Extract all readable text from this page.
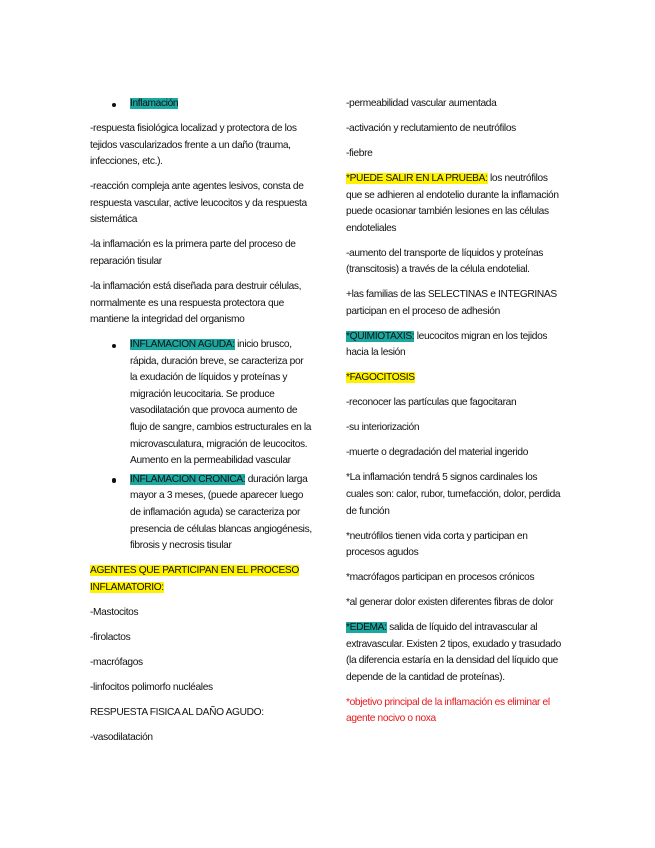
Inflamación

-respuesta fisiológica localizad y protectora de los tejidos vascularizados frente a un daño (trauma, infecciones, etc.).

-reacción compleja ante agentes lesivos, consta de respuesta vascular, active leucocitos y da respuesta sistemática

-la inflamación es la primera parte del proceso de reparación tisular

-la inflamación está diseñada para destruir células, normalmente es una respuesta protectora que mantiene la integridad del organismo

INFLAMACION AGUDA: inicio brusco, rápida, duración breve, se caracteriza por la exudación de líquidos y proteínas y migración leucocitaria. Se produce vasodilatación que provoca aumento de flujo de sangre, cambios estructurales en la microvasculatura, migración de leucocitos. Aumento en la permeabilidad vascular
INFLAMACION CRONICA: duración larga mayor a 3 meses, (puede aparecer luego de inflamación aguda) se caracteriza por presencia de células blancas angiogénesis, fibrosis y necrosis tisular

AGENTES QUE PARTICIPAN EN EL PROCESO INFLAMATORIO:

-Mastocitos

-firolactos

-macrófagos

-linfocitos polimorfo nucléales

RESPUESTA FISICA AL DAÑO AGUDO:

-vasodilatación

-permeabilidad vascular aumentada

-activación y reclutamiento de neutrófilos

-fiebre

*PUEDE SALIR EN LA PRUEBA: los neutrófilos que se adhieren al endotelio durante la inflamación puede ocasionar también lesiones en las células endoteliales

-aumento del transporte de líquidos y proteínas (transcitosis) a través de la célula endotelial.

+las familias de las SELECTINAS e INTEGRINAS participan en el proceso de adhesión

*QUIMIOTAXIS: leucocitos migran en los tejidos hacia la lesión

*FAGOCITOSIS

-reconocer las partículas que fagocitaran

-su interiorización

-muerte o degradación del material ingerido

*La inflamación tendrá 5 signos cardinales los cuales son: calor, rubor, tumefacción, dolor, perdida de función

*neutrófilos tienen vida corta y participan en procesos agudos

*macrófagos participan en procesos crónicos

*al generar dolor existen diferentes fibras de dolor

*EDEMA: salida de líquido del intravascular al extravascular. Existen 2 tipos, exudado y trasudado (la diferencia estaría en la densidad del líquido que depende de la cantidad de proteínas).

*objetivo principal de la inflamación es eliminar el agente nocivo o noxa
